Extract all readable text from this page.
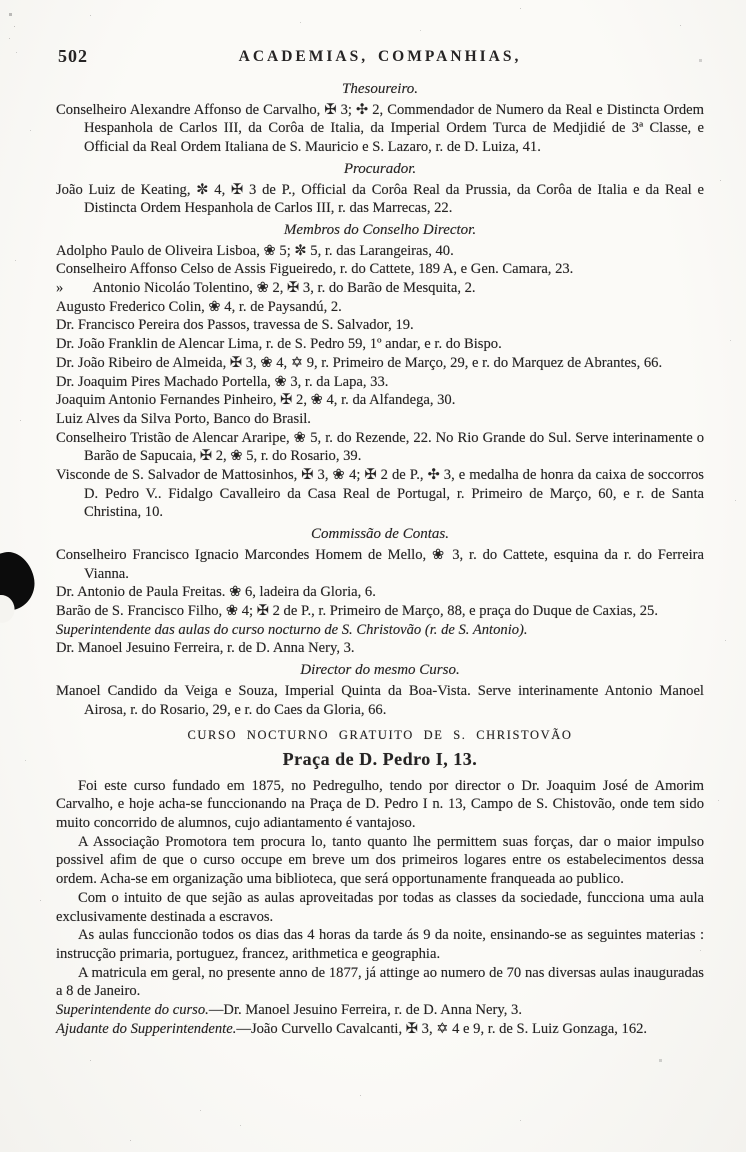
502	ACADEMIAS, COMPANHIAS,
Thesoureiro.
Conselheiro Alexandre Affonso de Carvalho, ✠ 3; ✣ 2, Commendador de Numero da Real e Distincta Ordem Hespanhola de Carlos III, da Corôa de Italia, da Imperial Ordem Turca de Medjidié de 3ª Classe, e Official da Real Ordem Italiana de S. Mauricio e S. Lazaro, r. de D. Luiza, 41.
Procurador.
João Luiz de Keating, ✼ 4, ✠ 3 de P., Official da Corôa Real da Prussia, da Corôa de Italia e da Real e Distincta Ordem Hespanhola de Carlos III, r. das Marrecas, 22.
Membros do Conselho Director.
Adolpho Paulo de Oliveira Lisboa, ❀ 5; ✼ 5, r. das Larangeiras, 40.
Conselheiro Affonso Celso de Assis Figueiredo, r. do Cattete, 189 A, e Gen. Camara, 23.
»   Antonio Nicoláo Tolentino, ❀ 2, ✠ 3, r. do Barão de Mesquita, 2.
Augusto Frederico Colin, ❀ 4, r. de Paysandú, 2.
Dr. Francisco Pereira dos Passos, travessa de S. Salvador, 19.
Dr. João Franklin de Alencar Lima, r. de S. Pedro 59, 1º andar, e r. do Bispo.
Dr. João Ribeiro de Almeida, ✠ 3, ❀ 4, ✡ 9, r. Primeiro de Março, 29, e r. do Marquez de Abrantes, 66.
Dr. Joaquim Pires Machado Portella, ❀ 3, r. da Lapa, 33.
Joaquim Antonio Fernandes Pinheiro, ✠ 2, ❀ 4, r. da Alfandega, 30.
Luiz Alves da Silva Porto, Banco do Brasil.
Conselheiro Tristão de Alencar Araripe, ❀ 5, r. do Rezende, 22. No Rio Grande do Sul. Serve interinamente o Barão de Sapucaia, ✠ 2, ❀ 5, r. do Rosario, 39.
Visconde de S. Salvador de Mattosinhos, ✠ 3, ❀ 4; ✠ 2 de P., ✣ 3, e medalha de honra da caixa de soccorros D. Pedro V.. Fidalgo Cavalleiro da Casa Real de Portugal, r. Primeiro de Março, 60, e r. de Santa Christina, 10.
Commissão de Contas.
Conselheiro Francisco Ignacio Marcondes Homem de Mello, ❀ 3, r. do Cattete, esquina da r. do Ferreira Vianna.
Dr. Antonio de Paula Freitas. ❀ 6, ladeira da Gloria, 6.
Barão de S. Francisco Filho, ❀ 4; ✠ 2 de P., r. Primeiro de Março, 88, e praça do Duque de Caxias, 25.
Superintendente das aulas do curso nocturno de S. Christovão (r. de S. Antonio).
Dr. Manoel Jesuino Ferreira, r. de D. Anna Nery, 3.
Director do mesmo Curso.
Manoel Candido da Veiga e Souza, Imperial Quinta da Boa-Vista. Serve interinamente Antonio Manoel Airosa, r. do Rosario, 29, e r. do Caes da Gloria, 66.
CURSO NOCTURNO GRATUITO DE S. CHRISTOVÃO
Praça de D. Pedro I, 13.
Foi este curso fundado em 1875, no Pedregulho, tendo por director o Dr. Joaquim José de Amorim Carvalho, e hoje acha-se funccionando na Praça de D. Pedro I n. 13, Campo de S. Chistovão, onde tem sido muito concorrido de alumnos, cujo adiantamento é vantajoso.
A Associação Promotora tem procura lo, tanto quanto lhe permittem suas forças, dar o maior impulso possivel afim de que o curso occupe em breve um dos primeiros logares entre os estabelecimentos dessa ordem. Acha-se em organização uma biblioteca, que será opportunamente franqueada ao publico.
Com o intuito de que sejão as aulas aproveitadas por todas as classes da sociedade, funcciona uma aula exclusivamente destinada a escravos.
As aulas funccionão todos os dias das 4 horas da tarde ás 9 da noite, ensinando-se as seguintes materias : instrucção primaria, portuguez, francez, arithmetica e geographia.
A matricula em geral, no presente anno de 1877, já attinge ao numero de 70 nas diversas aulas inauguradas a 8 de Janeiro.
Superintendente do curso.—Dr. Manoel Jesuino Ferreira, r. de D. Anna Nery, 3.
Ajudante do Supperintendente.—João Curvello Cavalcanti, ✠ 3, ✡ 4 e 9, r. de S. Luiz Gonzaga, 162.
